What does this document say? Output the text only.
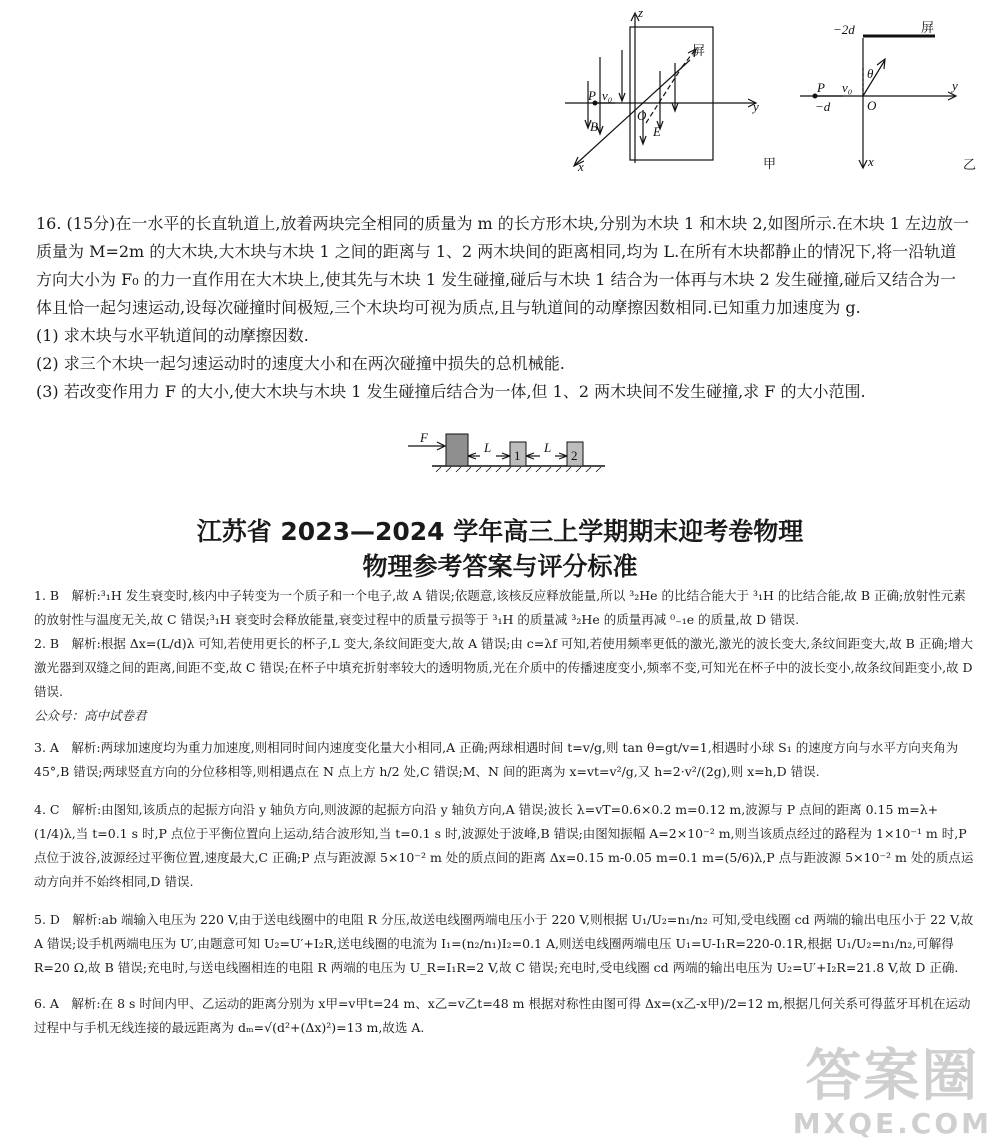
z
y
x
P v₀
B
O
E
屏
甲
−2d	屏
θ
P v₀	y
−d	O
x	乙

16. (15分)在一水平的长直轨道上,放着两块完全相同的质量为 m 的长方形木块,分别为木块 1 和木块 2,如图所示.在木块 1 左边放一质量为 M=2m 的大木块,大木块与木块 1 之间的距离与 1、2 两木块间的距离相同,均为 L.在所有木块都静止的情况下,将一沿轨道方向大小为 F₀ 的力一直作用在大木块上,使其先与木块 1 发生碰撞,碰后与木块 1 结合为一体再与木块 2 发生碰撞,碰后又结合为一体且恰一起匀速运动,设每次碰撞时间极短,三个木块均可视为质点,且与轨道间的动摩擦因数相同.已知重力加速度为 g.

(1) 求木块与水平轨道间的动摩擦因数.

(2) 求三个木块一起匀速运动时的速度大小和在两次碰撞中损失的总机械能.

(3) 若改变作用力 F 的大小,使大木块与木块 1 发生碰撞后结合为一体,但 1、2 两木块间不发生碰撞,求 F 的大小范围.

F
L	L
1	2
江苏省 2023—2024 学年高三上学期期末迎考卷物理
物理参考答案与评分标准

1. B　解析:³₁H 发生衰变时,核内中子转变为一个质子和一个电子,故 A 错误;依题意,该核反应释放能量,所以 ³₂He 的比结合能大于 ³₁H 的比结合能,故 B 正确;放射性元素的放射性与温度无关,故 C 错误;³₁H 衰变时会释放能量,衰变过程中的质量亏损等于 ³₁H 的质量减 ³₂He 的质量再减 ⁰₋₁e 的质量,故 D 错误.

2. B　解析:根据 Δx=(L/d)λ 可知,若使用更长的杯子,L 变大,条纹间距变大,故 A 错误;由 c=λf 可知,若使用频率更低的激光,激光的波长变大,条纹间距变大,故 B 正确;增大激光器到双缝之间的距离,间距不变,故 C 错误;在杯子中填充折射率较大的透明物质,光在介质中的传播速度变小,频率不变,可知光在杯子中的波长变小,故条纹间距变小,故 D 错误.

公众号：高中试卷君

3. A　解析:两球加速度均为重力加速度,则相同时间内速度变化量大小相同,A 正确;两球相遇时间 t=v/g,则 tan θ=gt/v=1,相遇时小球 S₁ 的速度方向与水平方向夹角为 45°,B 错误;两球竖直方向的分位移相等,则相遇点在 N 点上方 h/2 处,C 错误;M、N 间的距离为 x=vt=v²/g,又 h=2·v²/(2g),则 x=h,D 错误.

4. C　解析:由图知,该质点的起振方向沿 y 轴负方向,则波源的起振方向沿 y 轴负方向,A 错误;波长 λ=vT=0.6×0.2 m=0.12 m,波源与 P 点间的距离 0.15 m=λ+(1/4)λ,当 t=0.1 s 时,P 点位于平衡位置向上运动,结合波形知,当 t=0.1 s 时,波源处于波峰,B 错误;由图知振幅 A=2×10⁻² m,则当该质点经过的路程为 1×10⁻¹ m 时,P 点位于波谷,波源经过平衡位置,速度最大,C 正确;P 点与距波源 5×10⁻² m 处的质点间的距离 Δx=0.15 m-0.05 m=0.1 m=(5/6)λ,P 点与距波源 5×10⁻² m 处的质点运动方向并不始终相同,D 错误.

5. D　解析:ab 端输入电压为 220 V,由于送电线圈中的电阻 R 分压,故送电线圈两端电压小于 220 V,则根据 U₁/U₂=n₁/n₂ 可知,受电线圈 cd 两端的输出电压小于 22 V,故 A 错误;设手机两端电压为 U′,由题意可知 U₂=U′+I₂R,送电线圈的电流为 I₁=(n₂/n₁)I₂=0.1 A,则送电线圈两端电压 U₁=U-I₁R=220-0.1R,根据 U₁/U₂=n₁/n₂,可解得 R=20 Ω,故 B 错误;充电时,与送电线圈相连的电阻 R 两端的电压为 U_R=I₁R=2 V,故 C 错误;充电时,受电线圈 cd 两端的输出电压为 U₂=U′+I₂R=21.8 V,故 D 正确.

6. A　解析:在 8 s 时间内甲、乙运动的距离分别为 x甲=v甲t=24 m、x乙=v乙t=48 m 根据对称性由图可得 Δx=(x乙-x甲)/2=12 m,根据几何关系可得蓝牙耳机在运动过程中与手机无线连接的最远距离为 dₘ=√(d²+(Δx)²)=13 m,故选 A.

答案圈
MXQE.COM
